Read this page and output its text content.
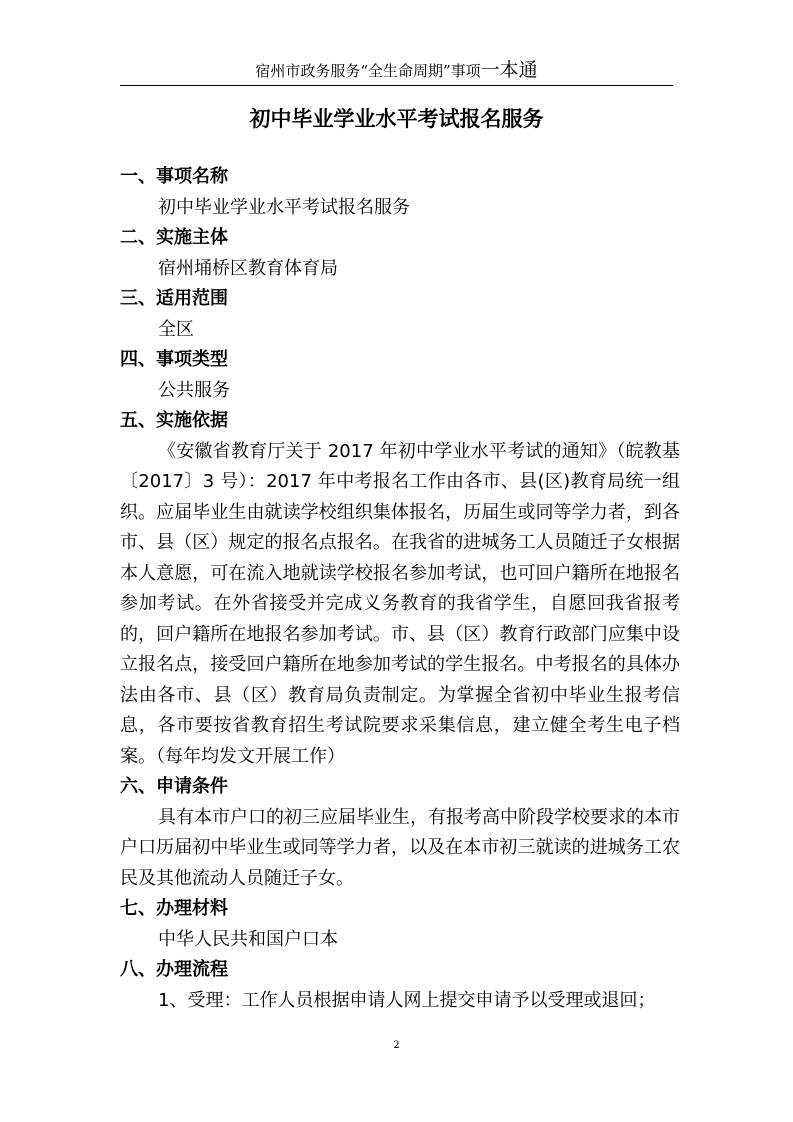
宿州市政务服务“全生命周期”事项一本通
初中毕业学业水平考试报名服务

一、事项名称

初中毕业学业水平考试报名服务

二、实施主体

宿州埇桥区教育体育局

三、适用范围

全区

四、事项类型

公共服务

五、实施依据

《安徽省教育厅关于 2017 年初中学业水平考试的通知》（皖教基〔2017〕3 号）：2017 年中考报名工作由各市、县(区)教育局统一组织。应届毕业生由就读学校组织集体报名，历届生或同等学力者，到各市、县（区）规定的报名点报名。在我省的进城务工人员随迁子女根据本人意愿，可在流入地就读学校报名参加考试，也可回户籍所在地报名参加考试。在外省接受并完成义务教育的我省学生，自愿回我省报考的，回户籍所在地报名参加考试。市、县（区）教育行政部门应集中设立报名点，接受回户籍所在地参加考试的学生报名。中考报名的具体办法由各市、县（区）教育局负责制定。为掌握全省初中毕业生报考信息，各市要按省教育招生考试院要求采集信息，建立健全考生电子档案。（每年均发文开展工作）

六、申请条件

具有本市户口的初三应届毕业生，有报考高中阶段学校要求的本市户口历届初中毕业生或同等学力者，以及在本市初三就读的进城务工农民及其他流动人员随迁子女。

七、办理材料

中华人民共和国户口本

八、办理流程

1、受理：工作人员根据申请人网上提交申请予以受理或退回；

2
